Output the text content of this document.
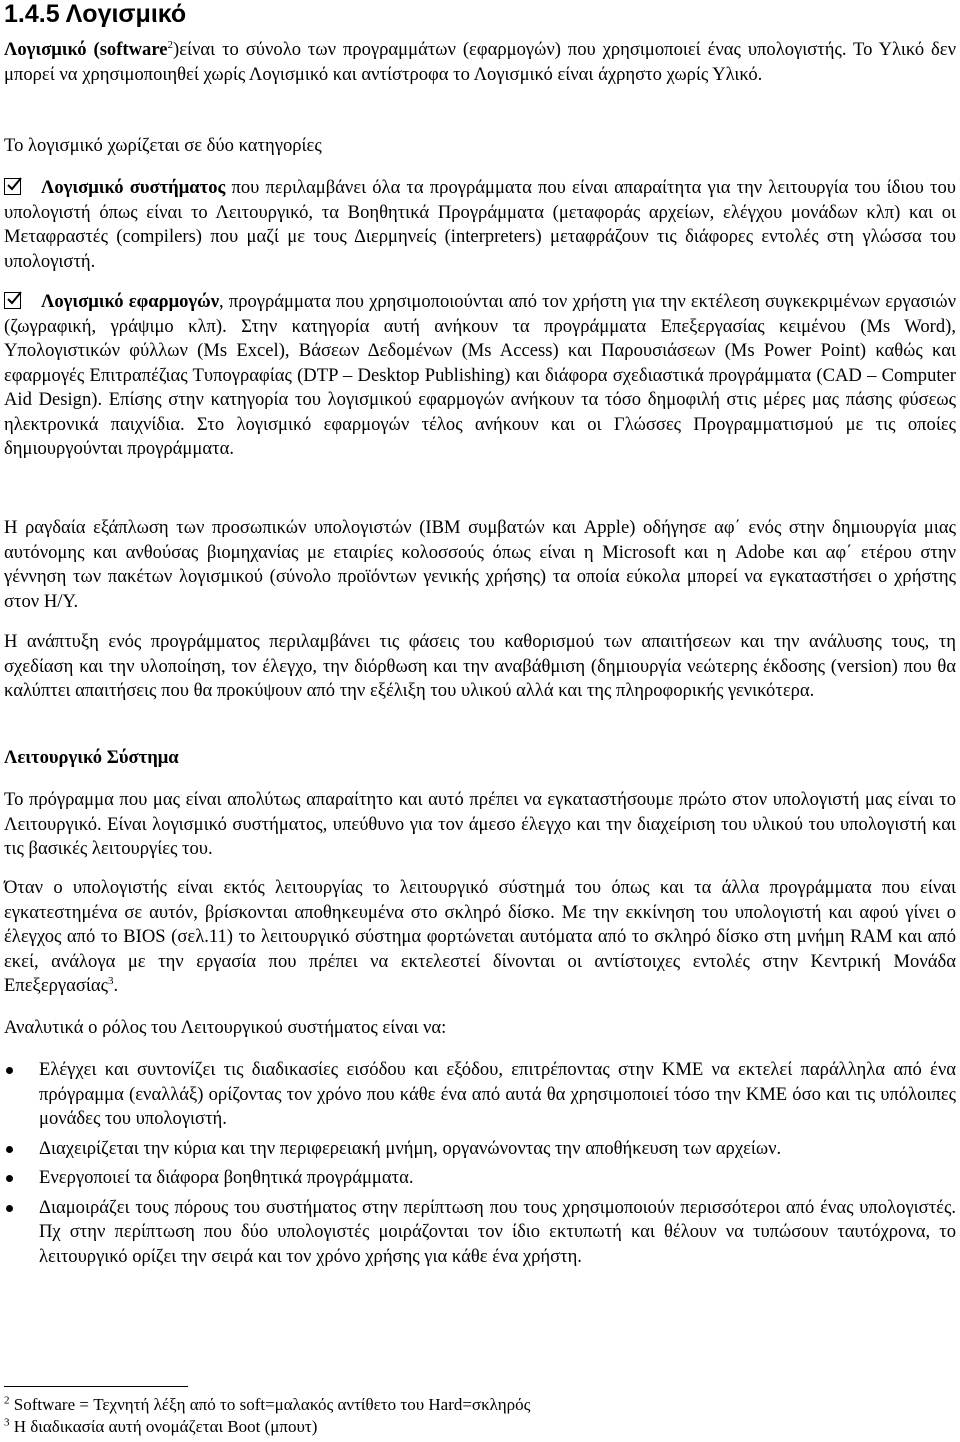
1.4.5 Λογισμικό

Λογισμικό (software$^2$)είναι το σύνολο των προγραμμάτων (εφαρμογών) που χρησιμοποιεί ένας υπολογιστής. Το Υλικό δεν μπορεί να χρησιμοποιηθεί χωρίς Λογισμικό και αντίστροφα το Λογισμικό είναι άχρηστο χωρίς Υλικό.

Το λογισμικό χωρίζεται σε δύο κατηγορίες

Λογισμικό συστήματος που περιλαμβάνει όλα τα προγράμματα που είναι απαραίτητα για την λειτουργία του ίδιου του υπολογιστή όπως είναι το Λειτουργικό, τα Βοηθητικά Προγράμματα (μεταφοράς αρχείων, ελέγχου μονάδων κλπ) και οι Μεταφραστές (compilers) που μαζί με τους Διερμηνείς (interpreters) μεταφράζουν τις διάφορες εντολές στη γλώσσα του υπολογιστή.

Λογισμικό εφαρμογών, προγράμματα που χρησιμοποιούνται από τον χρήστη για την εκτέλεση συγκεκριμένων εργασιών (ζωγραφική, γράψιμο κλπ). Στην κατηγορία αυτή ανήκουν τα προγράμματα Επεξεργασίας κειμένου (Ms Word), Υπολογιστικών φύλλων (Ms Excel), Βάσεων Δεδομένων (Ms Access) και Παρουσιάσεων (Ms Power Point) καθώς και εφαρμογές Επιτραπέζιας Τυπογραφίας (DTP – Desktop Publishing) και διάφορα σχεδιαστικά προγράμματα (CAD – Computer Aid Design). Επίσης στην κατηγορία του λογισμικού εφαρμογών ανήκουν τα τόσο δημοφιλή στις μέρες μας πάσης φύσεως ηλεκτρονικά παιχνίδια. Στο λογισμικό εφαρμογών τέλος ανήκουν και οι Γλώσσες Προγραμματισμού με τις οποίες δημιουργούνται προγράμματα.

Η ραγδαία εξάπλωση των προσωπικών υπολογιστών (IBM συμβατών και Apple) οδήγησε αφ΄ ενός στην δημιουργία μιας αυτόνομης και ανθούσας βιομηχανίας με εταιρίες κολοσσούς όπως είναι η Microsoft και η Adobe και αφ΄ ετέρου στην γέννηση των πακέτων λογισμικού (σύνολο προϊόντων γενικής χρήσης) τα οποία εύκολα μπορεί να εγκαταστήσει ο χρήστης στον Η/Υ.

Η ανάπτυξη ενός προγράμματος περιλαμβάνει τις φάσεις του καθορισμού των απαιτήσεων και την ανάλυσης τους, τη σχεδίαση και την υλοποίηση, τον έλεγχο, την διόρθωση και την αναβάθμιση (δημιουργία νεώτερης έκδοσης (version) που θα καλύπτει απαιτήσεις που θα προκύψουν από την εξέλιξη του υλικού αλλά και της πληροφορικής γενικότερα.

Λειτουργικό Σύστημα

Το πρόγραμμα που μας είναι απολύτως απαραίτητο και αυτό πρέπει να εγκαταστήσουμε πρώτο στον υπολογιστή μας είναι το Λειτουργικό. Είναι λογισμικό συστήματος, υπεύθυνο για τον άμεσο έλεγχο και την διαχείριση του υλικού του υπολογιστή και τις βασικές λειτουργίες του.

Όταν ο υπολογιστής είναι εκτός λειτουργίας το λειτουργικό σύστημά του όπως και τα άλλα προγράμματα που είναι εγκατεστημένα σε αυτόν, βρίσκονται αποθηκευμένα στο σκληρό δίσκο. Με την εκκίνηση του υπολογιστή και αφού γίνει ο έλεγχος από το BIOS (σελ.11) το λειτουργικό σύστημα φορτώνεται αυτόματα από το σκληρό δίσκο στη μνήμη RAM και από εκεί, ανάλογα με την εργασία που πρέπει να εκτελεστεί δίνονται οι αντίστοιχες εντολές στην Κεντρική Μονάδα Επεξεργασίας$^3$.

Αναλυτικά ο ρόλος του Λειτουργικού συστήματος είναι να:

Ελέγχει και συντονίζει τις διαδικασίες εισόδου και εξόδου, επιτρέποντας στην ΚΜΕ να εκτελεί παράλληλα από ένα πρόγραμμα (εναλλάξ) ορίζοντας τον χρόνο που κάθε ένα από αυτά θα χρησιμοποιεί τόσο την ΚΜΕ όσο και τις υπόλοιπες μονάδες του υπολογιστή.

Διαχειρίζεται την κύρια και την περιφερειακή μνήμη, οργανώνοντας την αποθήκευση των αρχείων.

Ενεργοποιεί τα διάφορα βοηθητικά προγράμματα.

Διαμοιράζει τους πόρους του συστήματος στην περίπτωση που τους χρησιμοποιούν περισσότεροι από ένας υπολογιστές. Πχ στην περίπτωση που δύο υπολογιστές μοιράζονται τον ίδιο εκτυπωτή και θέλουν να τυπώσουν ταυτόχρονα, το λειτουργικό ορίζει την σειρά και τον χρόνο χρήσης για κάθε ένα χρήστη.

$^2$ Software = Τεχνητή λέξη από το soft=μαλακός αντίθετο του Hard=σκληρός
$^3$ Η διαδικασία αυτή ονομάζεται Boot (μπουτ)
